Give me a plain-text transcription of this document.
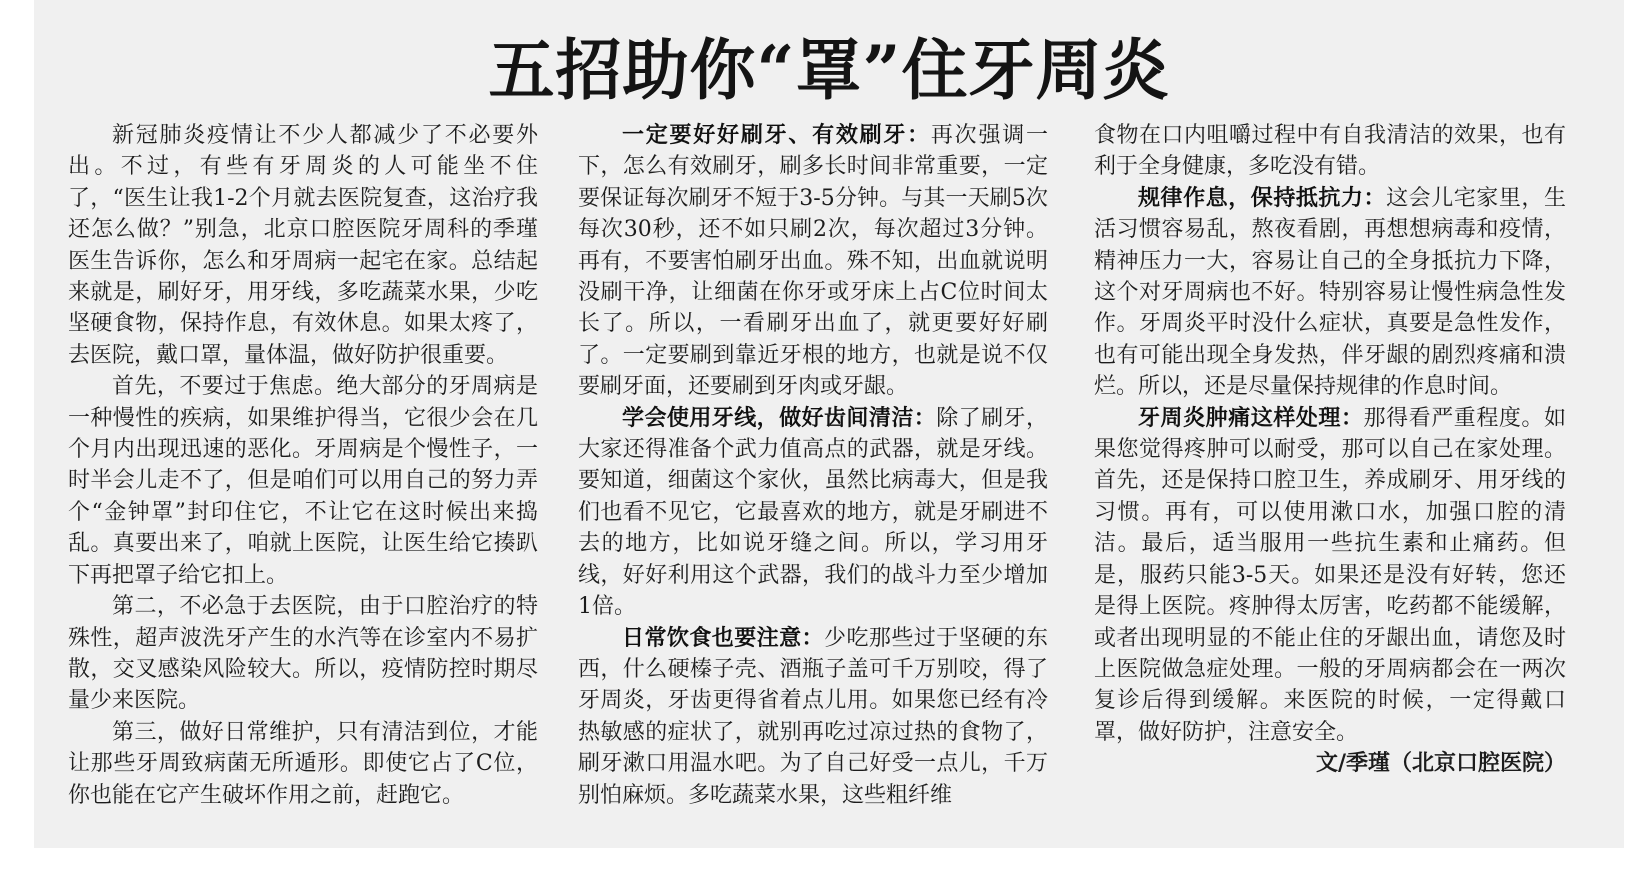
五招助你“罩”住牙周炎

新冠肺炎疫情让不少人都减少了不必要外出。不过，有些有牙周炎的人可能坐不住了，“医生让我1-2个月就去医院复查，这治疗我还怎么做？”别急，北京口腔医院牙周科的季瑾医生告诉你，怎么和牙周病一起宅在家。总结起来就是，刷好牙，用牙线，多吃蔬菜水果，少吃坚硬食物，保持作息，有效休息。如果太疼了，去医院，戴口罩，量体温，做好防护很重要。

首先，不要过于焦虑。绝大部分的牙周病是一种慢性的疾病，如果维护得当，它很少会在几个月内出现迅速的恶化。牙周病是个慢性子，一时半会儿走不了，但是咱们可以用自己的努力弄个“金钟罩”封印住它，不让它在这时候出来捣乱。真要出来了，咱就上医院，让医生给它揍趴下再把罩子给它扣上。

第二，不必急于去医院，由于口腔治疗的特殊性，超声波洗牙产生的水汽等在诊室内不易扩散，交叉感染风险较大。所以，疫情防控时期尽量少来医院。

第三，做好日常维护，只有清洁到位，才能让那些牙周致病菌无所遁形。即使它占了C位，你也能在它产生破坏作用之前，赶跑它。

一定要好好刷牙、有效刷牙：再次强调一下，怎么有效刷牙，刷多长时间非常重要，一定要保证每次刷牙不短于3-5分钟。与其一天刷5次每次30秒，还不如只刷2次，每次超过3分钟。再有，不要害怕刷牙出血。殊不知，出血就说明没刷干净，让细菌在你牙或牙床上占C位时间太长了。所以，一看刷牙出血了，就更要好好刷了。一定要刷到靠近牙根的地方，也就是说不仅要刷牙面，还要刷到牙肉或牙龈。

学会使用牙线，做好齿间清洁：除了刷牙，大家还得准备个武力值高点的武器，就是牙线。要知道，细菌这个家伙，虽然比病毒大，但是我们也看不见它，它最喜欢的地方，就是牙刷进不去的地方，比如说牙缝之间。所以，学习用牙线，好好利用这个武器，我们的战斗力至少增加1倍。

日常饮食也要注意：少吃那些过于坚硬的东西，什么硬榛子壳、酒瓶子盖可千万别咬，得了牙周炎，牙齿更得省着点儿用。如果您已经有冷热敏感的症状了，就别再吃过凉过热的食物了，刷牙漱口用温水吧。为了自己好受一点儿，千万别怕麻烦。多吃蔬菜水果，这些粗纤维

食物在口内咀嚼过程中有自我清洁的效果，也有利于全身健康，多吃没有错。

规律作息，保持抵抗力：这会儿宅家里，生活习惯容易乱，熬夜看剧，再想想病毒和疫情，精神压力一大，容易让自己的全身抵抗力下降，这个对牙周病也不好。特别容易让慢性病急性发作。牙周炎平时没什么症状，真要是急性发作，也有可能出现全身发热，伴牙龈的剧烈疼痛和溃烂。所以，还是尽量保持规律的作息时间。

牙周炎肿痛这样处理：那得看严重程度。如果您觉得疼肿可以耐受，那可以自己在家处理。首先，还是保持口腔卫生，养成刷牙、用牙线的习惯。再有，可以使用漱口水，加强口腔的清洁。最后，适当服用一些抗生素和止痛药。但是，服药只能3-5天。如果还是没有好转，您还是得上医院。疼肿得太厉害，吃药都不能缓解，或者出现明显的不能止住的牙龈出血，请您及时上医院做急症处理。一般的牙周病都会在一两次复诊后得到缓解。来医院的时候，一定得戴口罩，做好防护，注意安全。

文/季瑾（北京口腔医院）
